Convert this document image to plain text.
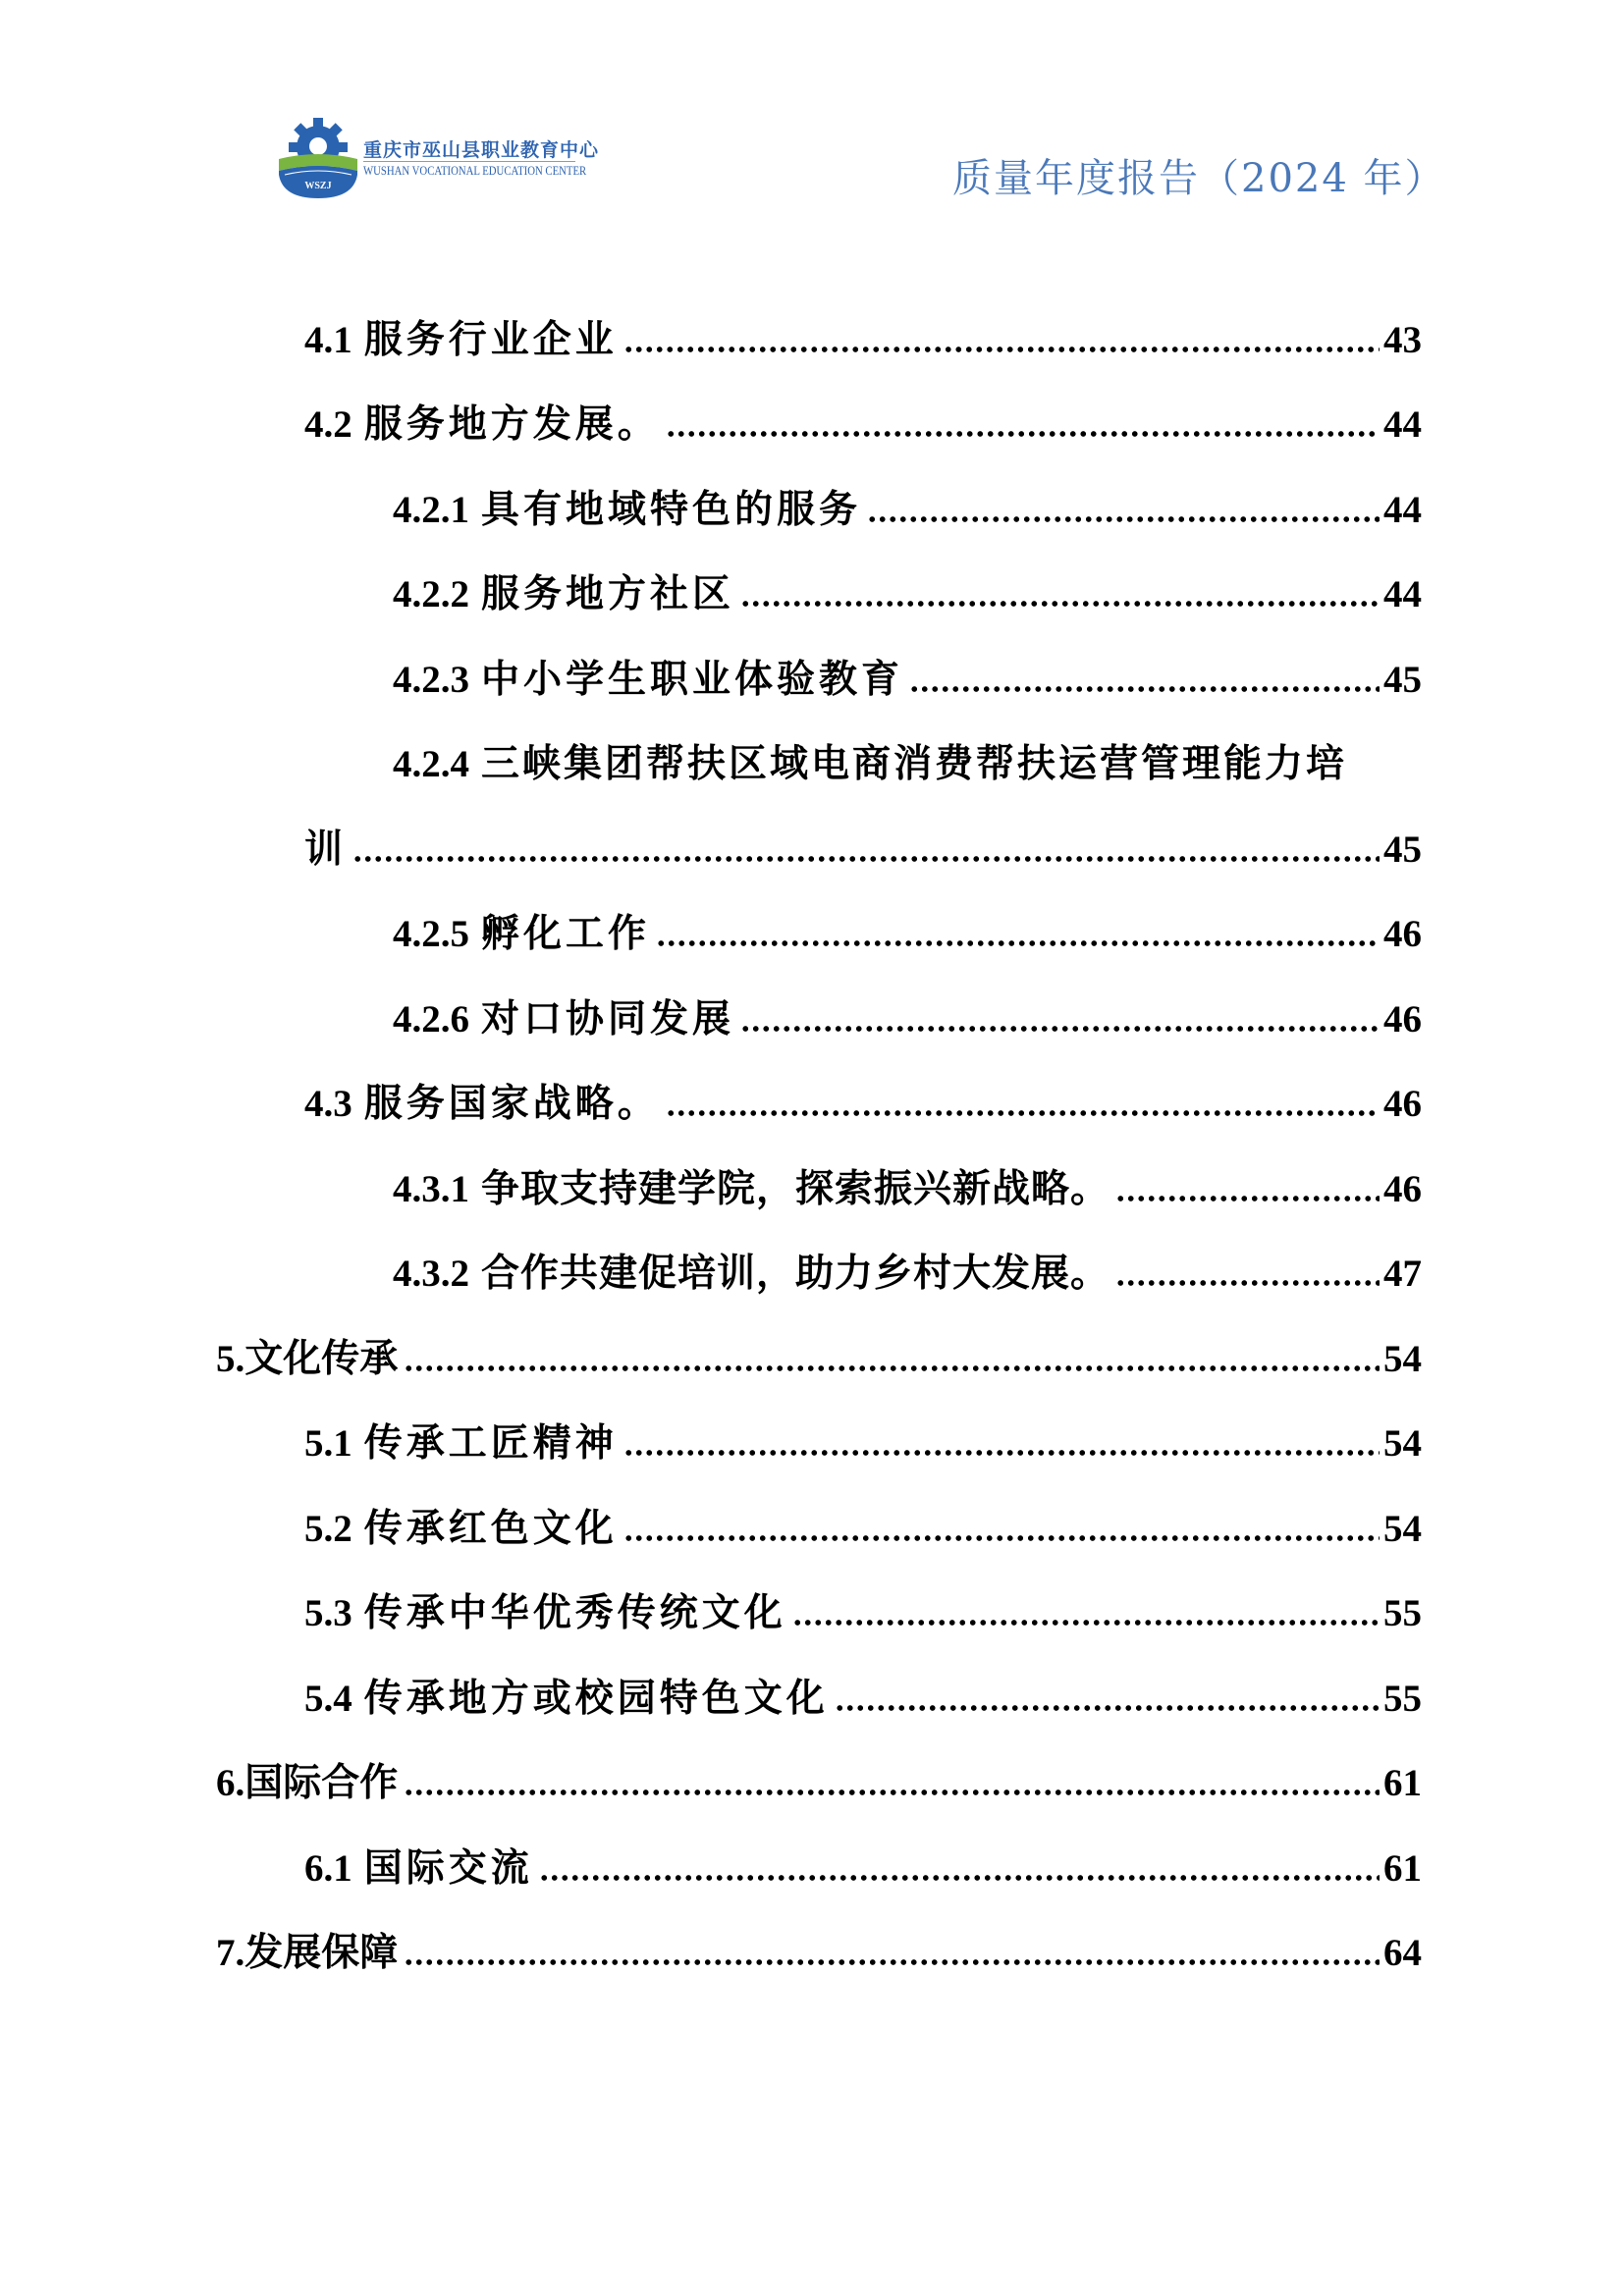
WSZJ
重庆市巫山县职业教育中心
WUSHAN VOCATIONAL EDUCATION CENTER	质量年度报告（2024 年）
4.1 服务行业企业	43
4.2 服务地方发展。	44
4.2.1 具有地域特色的服务	44
4.2.2 服务地方社区	44
4.2.3 中小学生职业体验教育	45
4.2.4 三峡集团帮扶区域电商消费帮扶运营管理能力培
训	45
4.2.5 孵化工作	46
4.2.6 对口协同发展	46
4.3 服务国家战略。	46
4.3.1 争取支持建学院，探索振兴新战略。	46
4.3.2 合作共建促培训，助力乡村大发展。	47
5. 文化传承	54
5.1 传承工匠精神	54
5.2 传承红色文化	54
5.3 传承中华优秀传统文化	55
5.4 传承地方或校园特色文化	55
6. 国际合作	61
6.1 国际交流	61
7. 发展保障	64
